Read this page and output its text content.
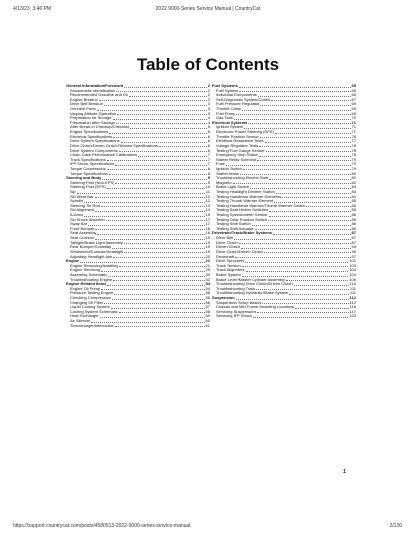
4/13/23, 3:46 PM	2022 9000-Series Service Manual | CountryCat
Table of Contents
General Information/Foreword	2
Snowmobile Identification	2
Recommended Gasoline and Oil	2
Engine Break-in	2
Drive Belt Break-in	3
Genuine Parts	3
Varying Altitude Operation	3
Preparation for Storage	4
Preparation after Storage	4
After Break-In Checkup/Checklist	5
Engine Specifications	5
Electrical Specifications	6
Drive System Specifications	6
Drive Clutch/Driven Clutch-Related Specifications	6
Drive System Components	6
Chain Case Performance Calibrations	7
Track Specifications	7
IFP Shock Specifications	7
Torque Conversions	8
Torque Specifications	8
Steering and Body	9
Steering Post (Non-EPS)	9
Steering Post (EPS)	10
Ski	11
Ski Wear Bar	12
Spindle	12
Steering Tie Rod	13
Ski Alignment	14
A-Arms	15
Ski Shock Absorber	17
Sway Bar	17
Front Bumper	18
Seat Assembly	18
Seat Cushion	19
Taillight/Brake Light Assembly	19
Rear Bumper/Snowflap	19
Windshield/Console/Headlight	19
Adjusting Headlight Aim	20
Engine	21
Engine Removing/Installing	21
Engine Servicing	29
Assembly Schematic	50
Troubleshooting Engine	52
Engine Related Items	54
Engine Oil Pump	54
Pressure Testing Engine	56
Checking Compression	56
Changing Oil Filter	56
Liquid Cooling System	57
Cooling System Schematic	58
Heat Exchanger	59
Air Silencer	60
Turbocharger/Intercooler	61
Fuel Systems	65
Fuel System	65
Individual Components	65
Self-Diagnostic System/Codes	67
Fuel Pressure Regulator	69
Throttle Cable	69
Fuel Pump	69
Gas Tank	70
Electrical Systems	71
Ignition System	71
Electronic Power Steering (EPS)	71
Throttle Position Sensor	76
Electrical Resistance Tests	77
Voltage Regulator Tests	78
Testing Fuel Gauge Sender	78
Emergency Stop Switch	78
Starter Relay Solenoid	79
Fuse	79
Ignition Switch	79
Starter Motor	80
Troubleshooting Electric Start	82
Magneto	82
Brake Light Switch	84
Testing Headlight Dimmer Switch	84
Testing Handlebar Warmer Elements	84
Testing Thumb Warmer Element	85
Testing Handlebar Warmer/Thumb Warmer Switch	85
Testing Seat Heater Switches	85
Testing Speedometer Sensor	86
Testing Gear Position Switch	86
Testing Shift Switch	86
Testing Shift Actuator	86
Drivetrain/Track/Brake Systems	87
Drive Belt	87
Drive Clutch	87
Driven Clutch	94
Drive Clutch/Driven Clutch	96
Driveshaft	97
Drive Sprockets	101
Track Tension	103
Track Alignment	104
Brake System	104
Brake Lever/Master Cylinder Assembly	106
Troubleshooting Drive Clutch/Driven Clutch	110
Troubleshooting Track	111
Troubleshooting Hydraulic Brake System	111
Suspension	112
Suspension Setup Basics	112
Chassis and Mid Frame Mounting Locations	116
Servicing Suspensions	117
Servicing IFP Shock	123
1
https://support.countrycat.com/posts/4580513-2022-9000-series-service-manual	2/130
